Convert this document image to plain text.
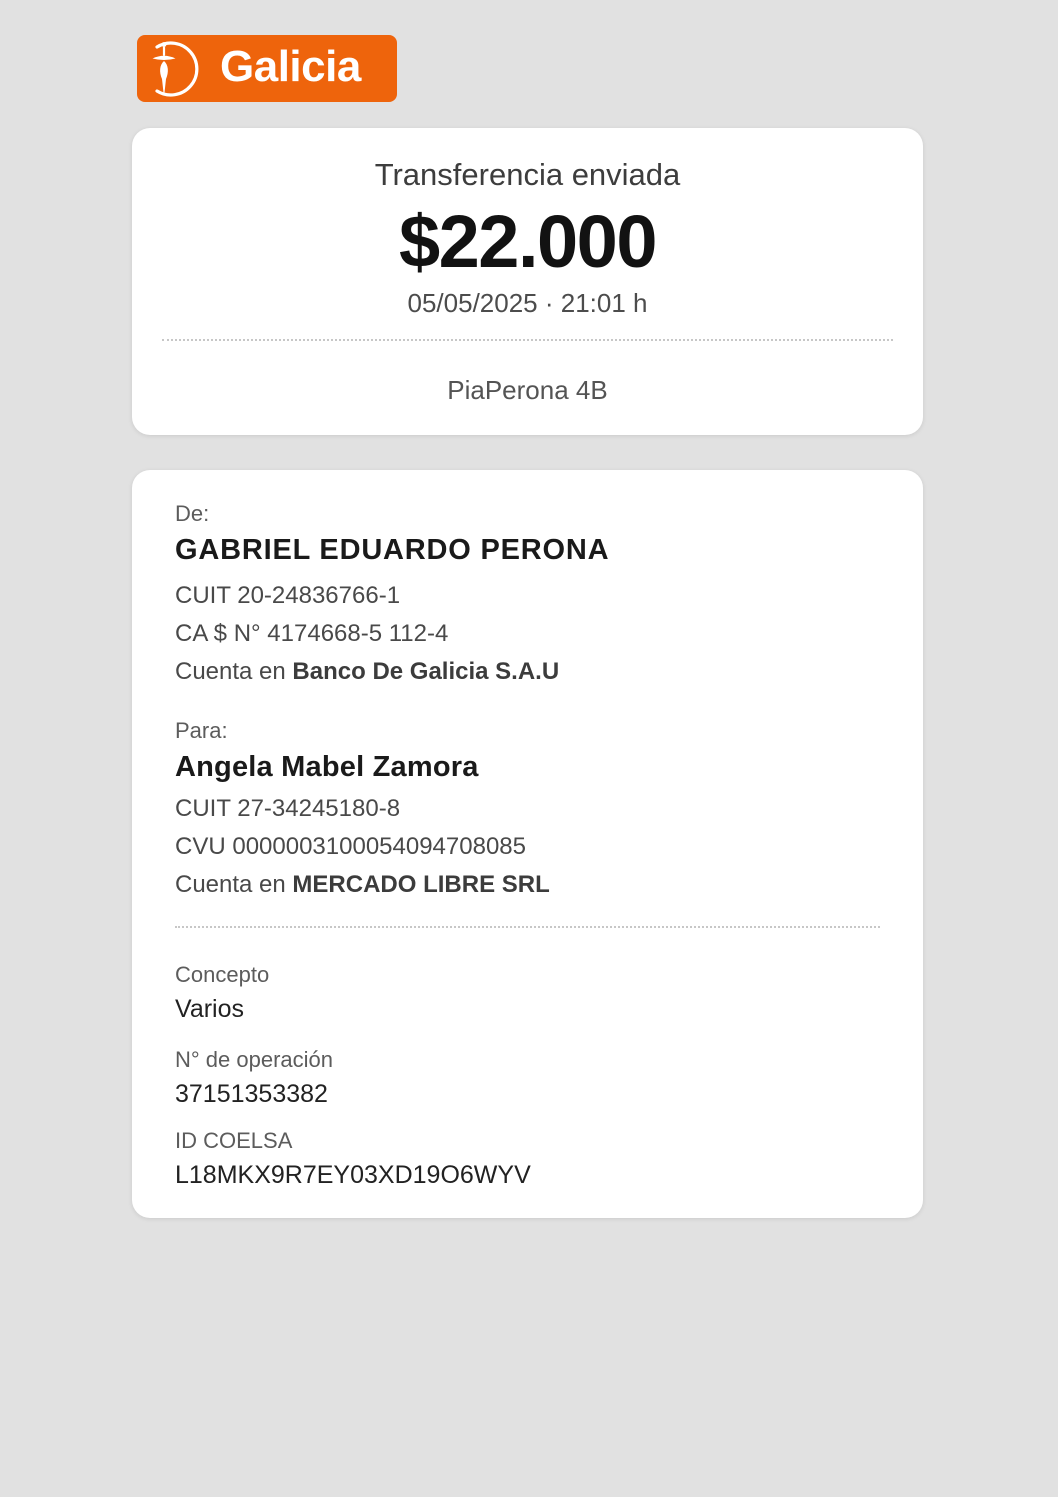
Galicia
Transferencia enviada
$22.000
05/05/2025 · 21:01 h
PiaPerona 4B
De:
GABRIEL EDUARDO PERONA
CUIT 20-24836766-1
CA $ N° 4174668-5 112-4
Cuenta en Banco De Galicia S.A.U
Para:
Angela Mabel Zamora
CUIT 27-34245180-8
CVU 0000003100054094708085
Cuenta en MERCADO LIBRE SRL
Concepto
Varios
N° de operación
37151353382
ID COELSA
L18MKX9R7EY03XD19O6WYV
